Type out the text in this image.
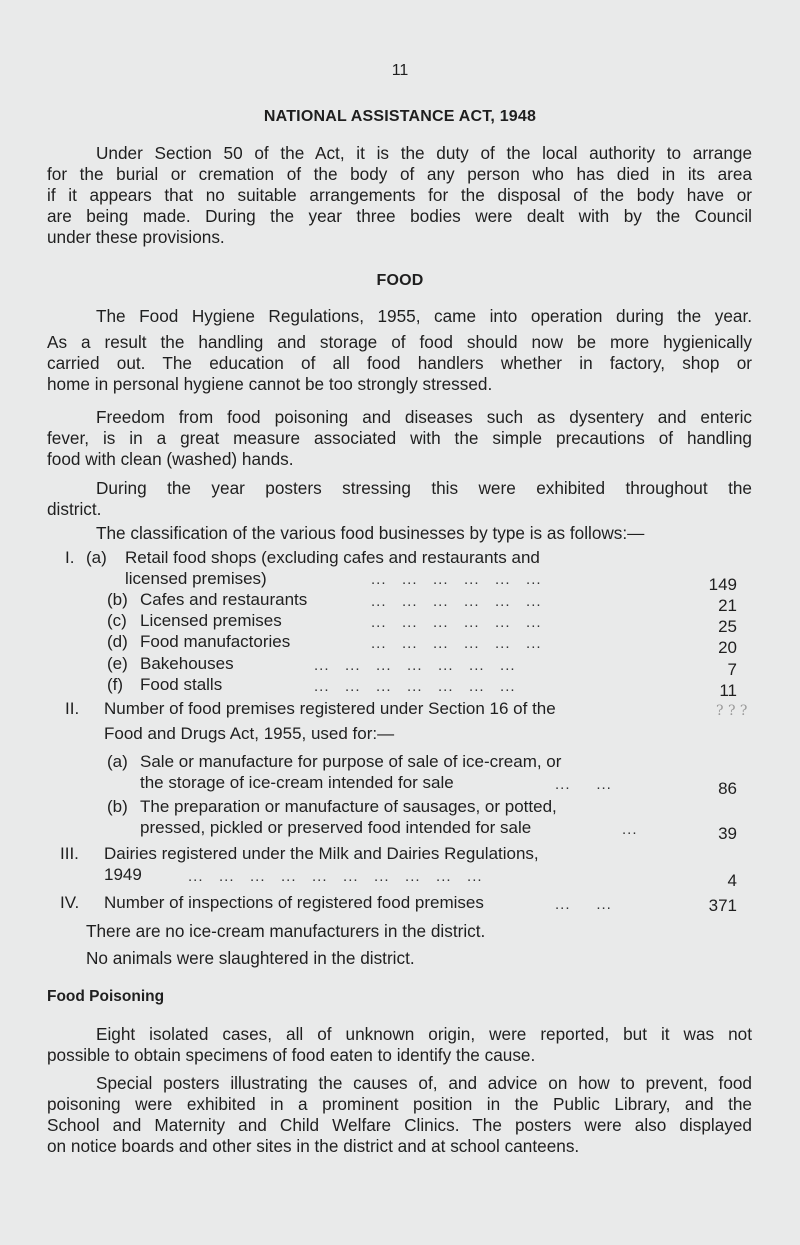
11
NATIONAL ASSISTANCE ACT, 1948
Under Section 50 of the Act, it is the duty of the local authority to arrange
for the burial or cremation of the body of any person who has died in its area
if it appears that no suitable arrangements for the disposal of the body have or
are being made. During the year three bodies were dealt with by the Council
under these provisions.
FOOD
The Food Hygiene Regulations, 1955, came into operation during the year.
As a result the handling and storage of food should now be more hygienically
carried out. The education of all food handlers whether in factory, shop or
home in personal hygiene cannot be too strongly stressed.
Freedom from food poisoning and diseases such as dysentery and enteric
fever, is in a great measure associated with the simple precautions of handling
food with clean (washed) hands.
During the year posters stressing this were exhibited throughout the
district.
The classification of the various food businesses by type is as follows:—
I. (a) Retail food shops (excluding cafes and restaurants and
licensed premises)	...   ...   ...   ...   ...   ...	149
(b) Cafes and restaurants	...   ...   ...   ...   ...   ...	21
(c) Licensed premises	...   ...   ...   ...   ...   ...	25
(d) Food manufactories	...   ...   ...   ...   ...   ...	20
(e) Bakehouses	...   ...   ...   ...   ...   ...   ...	7
(f) Food stalls	...   ...   ...   ...   ...   ...   ...	11
II. Number of food premises registered under Section 16 of the	? ? ?
Food and Drugs Act, 1955, used for:—
(a) Sale or manufacture for purpose of sale of ice-cream, or
the storage of ice-cream intended for sale	...     ...	86
(b) The preparation or manufacture of sausages, or potted,
pressed, pickled or preserved food intended for sale	...	39
III. Dairies registered under the Milk and Dairies Regulations,
1949	...   ...   ...   ...   ...   ...   ...   ...   ...   ...	4
IV. Number of inspections of registered food premises	...     ...	371
There are no ice-cream manufacturers in the district.
No animals were slaughtered in the district.
Food Poisoning
Eight isolated cases, all of unknown origin, were reported, but it was not
possible to obtain specimens of food eaten to identify the cause.
Special posters illustrating the causes of, and advice on how to prevent, food
poisoning were exhibited in a prominent position in the Public Library, and the
School and Maternity and Child Welfare Clinics. The posters were also displayed
on notice boards and other sites in the district and at school canteens.
